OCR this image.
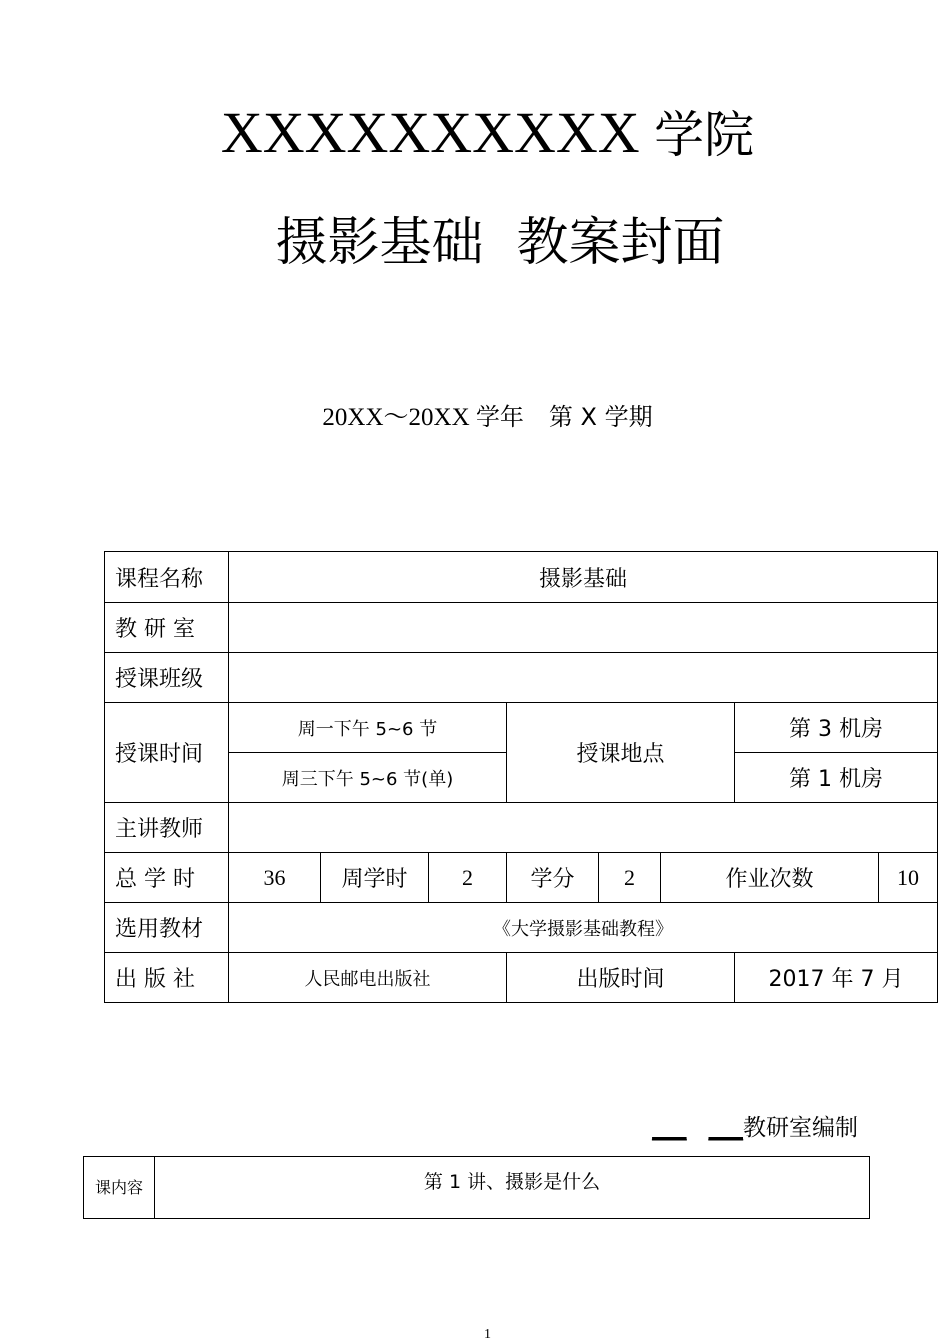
XXXXXXXXXX 学院
摄影基础  教案封面
20XX～20XX 学年 第 X 学期
课程名称	摄影基础							
教 研 室								
授课班级								
授课时间	周一下午 5~6 节			授课地点			第 3 机房	
	周三下午 5~6 节(单)						第 1 机房	
主讲教师								
总 学 时	36	周学时	2	学分	2	作业次数		10
选用教材	《大学摄影基础教程》							
出 版 社	人民邮电出版社			出版时间			2017 年 7 月	
___ ___教研室编制
课内容	第 1 讲、摄影是什么
1
